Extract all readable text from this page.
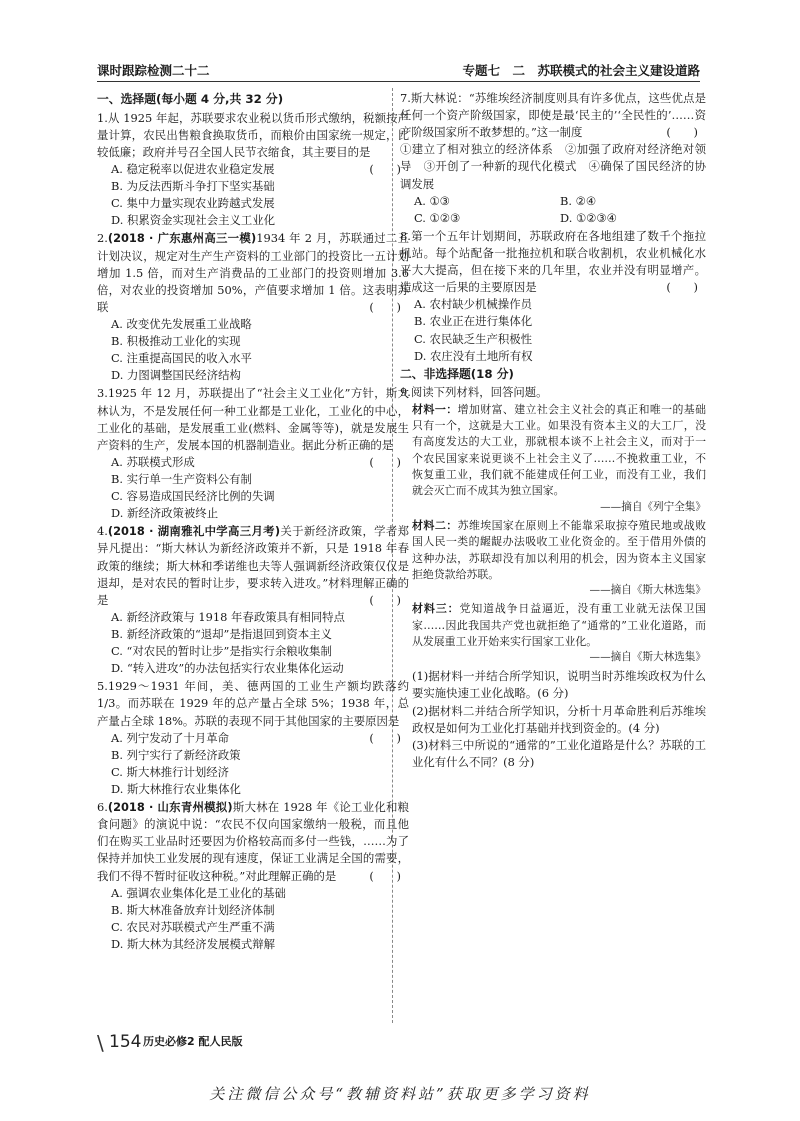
课时跟踪检测二十二	专题七　二　苏联模式的社会主义建设道路
一、选择题(每小题 4 分,共 32 分)
1.从 1925 年起，苏联要求农业税以货币形式缴纳，税额按产量计算，农民出售粮食换取货币，而粮价由国家统一规定，比较低廉；政府并号召全国人民节衣缩食，其主要目的是
(　　)
A. 稳定税率以促进农业稳定发展
B. 为反法西斯斗争打下坚实基础
C. 集中力量实现农业跨越式发展
D. 积累资金实现社会主义工业化
2.(2018 · 广东惠州高三一模)1934 年 2 月，苏联通过二五计划决议，规定对生产生产资料的工业部门的投资比一五计划增加 1.5 倍，而对生产消费品的工业部门的投资则增加 3.6 倍，对农业的投资增加 50%，产值要求增加 1 倍。这表明苏联	(　　)
A. 改变优先发展重工业战略
B. 积极推动工业化的实现
C. 注重提高国民的收入水平
D. 力图调整国民经济结构
3.1925 年 12 月，苏联提出了“社会主义工业化”方针，斯大林认为，不是发展任何一种工业都是工业化，工业化的中心，工业化的基础，是发展重工业(燃料、金属等等)，就是发展生产资料的生产，发展本国的机器制造业。据此分析正确的是
(　　)
A. 苏联模式形成
B. 实行单一生产资料公有制
C. 容易造成国民经济比例的失调
D. 新经济政策被终止
4.(2018 · 湖南雅礼中学高三月考)关于新经济政策，学者郑异凡提出：“斯大林认为新经济政策并不新，只是 1918 年春政策的继续；斯大林和季诺维也夫等人强调新经济政策仅仅是退却，是对农民的暂时让步，要求转入进攻。”材料理解正确的是	(　　)
A. 新经济政策与 1918 年春政策具有相同特点
B. 新经济政策的“退却”是指退回到资本主义
C. “对农民的暂时让步”是指实行余粮收集制
D. “转入进攻”的办法包括实行农业集体化运动
5.1929～1931 年间，美、德两国的工业生产额均跌落约1/3。而苏联在 1929 年的总产量占全球 5%；1938 年，总产量占全球 18%。苏联的表现不同于其他国家的主要原因是
(　　)
A. 列宁发动了十月革命
B. 列宁实行了新经济政策
C. 斯大林推行计划经济
D. 斯大林推行农业集体化
6.(2018 · 山东青州模拟)斯大林在 1928 年《论工业化和粮食问题》的演说中说：“农民不仅向国家缴纳一般税，而且他们在购买工业品时还要因为价格较高而多付一些钱，……为了保持并加快工业发展的现有速度，保证工业满足全国的需要，我们不得不暂时征收这种税。”对此理解正确的是	(　　)
A. 强调农业集体化是工业化的基础
B. 斯大林准备放弃计划经济体制
C. 农民对苏联模式产生严重不满
D. 斯大林为其经济发展模式辩解
7.斯大林说：“苏维埃经济制度则具有许多优点，这些优点是任何一个资产阶级国家，即使是最‘民主的’‘全民性的’……资产阶级国家所不敢梦想的。”这一制度	(　　)
①建立了相对独立的经济体系　②加强了政府对经济绝对领导　③开创了一种新的现代化模式　④确保了国民经济的协调发展
A. ①③	B. ②④
C. ①②③	D. ①②③④
8.第一个五年计划期间，苏联政府在各地组建了数千个拖拉机站。每个站配备一批拖拉机和联合收割机，农业机械化水平大大提高，但在接下来的几年里，农业并没有明显增产。造成这一后果的主要原因是	(　　)
A. 农村缺少机械操作员
B. 农业正在进行集体化
C. 农民缺乏生产积极性
D. 农庄没有土地所有权
二、非选择题(18 分)
9.阅读下列材料，回答问题。
材料一：增加财富、建立社会主义社会的真正和唯一的基础只有一个，这就是大工业。如果没有资本主义的大工厂，没有高度发达的大工业，那就根本谈不上社会主义，而对于一个农民国家来说更谈不上社会主义了……不挽救重工业，不恢复重工业，我们就不能建成任何工业，而没有工业，我们就会灭亡而不成其为独立国家。
——摘自《列宁全集》
材料二：苏维埃国家在原则上不能靠采取掠夺殖民地或战败国人民一类的龌龊办法吸收工业化资金的。至于借用外债的这种办法，苏联却没有加以利用的机会，因为资本主义国家拒绝贷款给苏联。
——摘自《斯大林选集》
材料三：党知道战争日益逼近，没有重工业就无法保卫国家……因此我国共产党也就拒绝了“通常的”工业化道路，而从发展重工业开始来实行国家工业化。
——摘自《斯大林选集》
(1)据材料一并结合所学知识，说明当时苏维埃政权为什么要实施快速工业化战略。(6 分)
(2)据材料二并结合所学知识，分析十月革命胜利后苏维埃政权是如何为工业化打基础并找到资金的。(4 分)
(3)材料三中所说的“通常的”工业化道路是什么？苏联的工业化有什么不同？(8 分)
\ 154 历史必修2 配人民版
关注微信公众号“教辅资料站”获取更多学习资料
